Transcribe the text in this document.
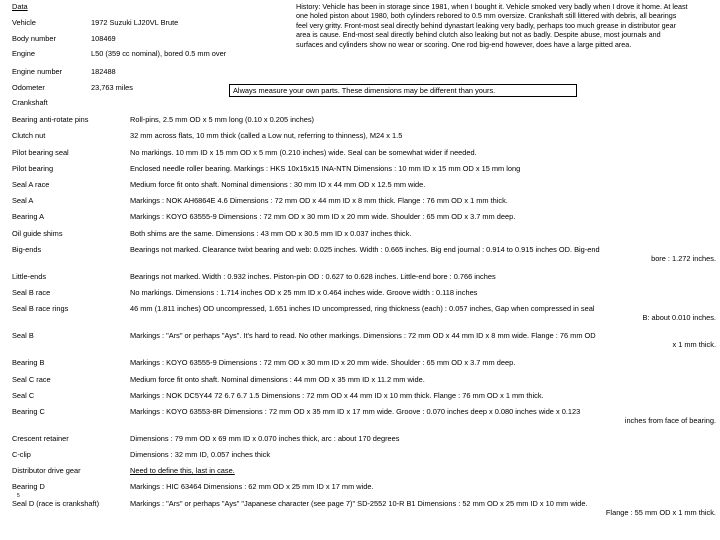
Data
Vehicle	1972 Suzuki LJ20VL Brute
Body number	108469
Engine	L50 (359 cc nominal), bored 0.5 mm over
Engine number	182488
Odometer	23,763 miles
History: Vehicle has been in storage since 1981, when I bought it. Vehicle smoked very badly when I drove it home. At least one holed piston about 1980, both cylinders rebored to 0.5 mm oversize. Crankshaft still littered with debris, all bearings feel very gritty. Front-most seal directly behind dynastart leaking very badly, perhaps too much grease in distributor gear area is cause. End-most seal directly behind clutch also leaking but not as badly. Despite abuse, most journals and surfaces and cylinders show no wear or scoring. One rod big-end however, does have a large pitted area.
Always measure your own parts. These dimensions may be different than yours.
Crankshaft
Bearing anti-rotate pins	Roll-pins, 2.5 mm OD x 5 mm long (0.10 x 0.205 inches)
Clutch nut	32 mm across flats, 10 mm thick (called a Low nut, referring to thinness), M24 x 1.5
Pilot bearing seal	No markings. 10 mm ID x 15 mm OD x 5 mm (0.210 inches) wide. Seal can be somewhat wider if needed.
Pilot bearing	Enclosed needle roller bearing. Markings : HKS 10x15x15 INA-NTN Dimensions : 10 mm ID x 15 mm OD x 15 mm long
Seal A race	Medium force fit onto shaft. Nominal dimensions : 30 mm ID x 44 mm OD x 12.5 mm wide.
Seal A	Markings : NOK AH6864E 4.6 Dimensions : 72 mm OD x 44 mm ID x 8 mm thick. Flange : 76 mm OD x 1 mm thick.
Bearing A	Markings : KOYO 63555-9 Dimensions : 72 mm OD x 30 mm ID x 20 mm wide. Shoulder : 65 mm OD x 3.7 mm deep.
Oil guide shims	Both shims are the same. Dimensions : 43 mm OD x 30.5 mm ID x 0.037 inches thick.
Big-ends	Bearings not marked. Clearance twixt bearing and web: 0.025 inches. Width : 0.665 inches. Big end journal : 0.914 to 0.915 inches OD. Big-end
bore : 1.272 inches.
Little-ends	Bearings not marked. Width : 0.932 inches. Piston-pin OD : 0.627 to 0.628 inches. Little-end bore : 0.766 inches
Seal B race	No markings. Dimensions : 1.714 inches OD x 25 mm ID x 0.464 inches wide. Groove width : 0.118 inches
Seal B race rings	46 mm (1.811 inches) OD uncompressed, 1.651 inches ID uncompressed, ring thickness (each) : 0.057 inches, Gap when compressed in seal
B: about 0.010 inches.
Seal B	Markings : "Ars" or perhaps "Ays". It's hard to read. No other markings. Dimensions : 72 mm OD x 44 mm ID x 8 mm wide. Flange : 76 mm OD
x 1 mm thick.
Bearing B	Markings : KOYO 63555-9 Dimensions : 72 mm OD x 30 mm ID x 20 mm wide. Shoulder : 65 mm OD x 3.7 mm deep.
Seal C race	Medium force fit onto shaft. Nominal dimensions : 44 mm OD x 35 mm ID x 11.2 mm wide.
Seal C	Markings : NOK DC5Y44 72 6.7 6.7 1.5 Dimensions : 72 mm OD x 44 mm ID x 10 mm thick. Flange : 76 mm OD x 1 mm thick.
Bearing C	Markings : KOYO 63553-8R Dimensions : 72 mm OD x 35 mm ID x 17 mm wide. Groove : 0.070 inches deep x 0.080 inches wide x 0.123
inches from face of bearing.
Crescent retainer	Dimensions : 79 mm OD x 69 mm ID x 0.070 inches thick, arc : about 170 degrees
C-clip	Dimensions : 32 mm ID, 0.057 inches thick
Distributor drive gear	Need to define this, last in case.
Bearing D	Markings : HIC 63464 Dimensions : 62 mm OD x 25 mm ID x 17 mm wide.
Seal D (race is crankshaft)	Markings : "Ars" or perhaps "Ays" "Japanese character (see page 7)" SD-2552 10-R B1 Dimensions : 52 mm OD x 25 mm ID x 10 mm wide.
Flange : 55 mm OD x 1 mm thick.
5
